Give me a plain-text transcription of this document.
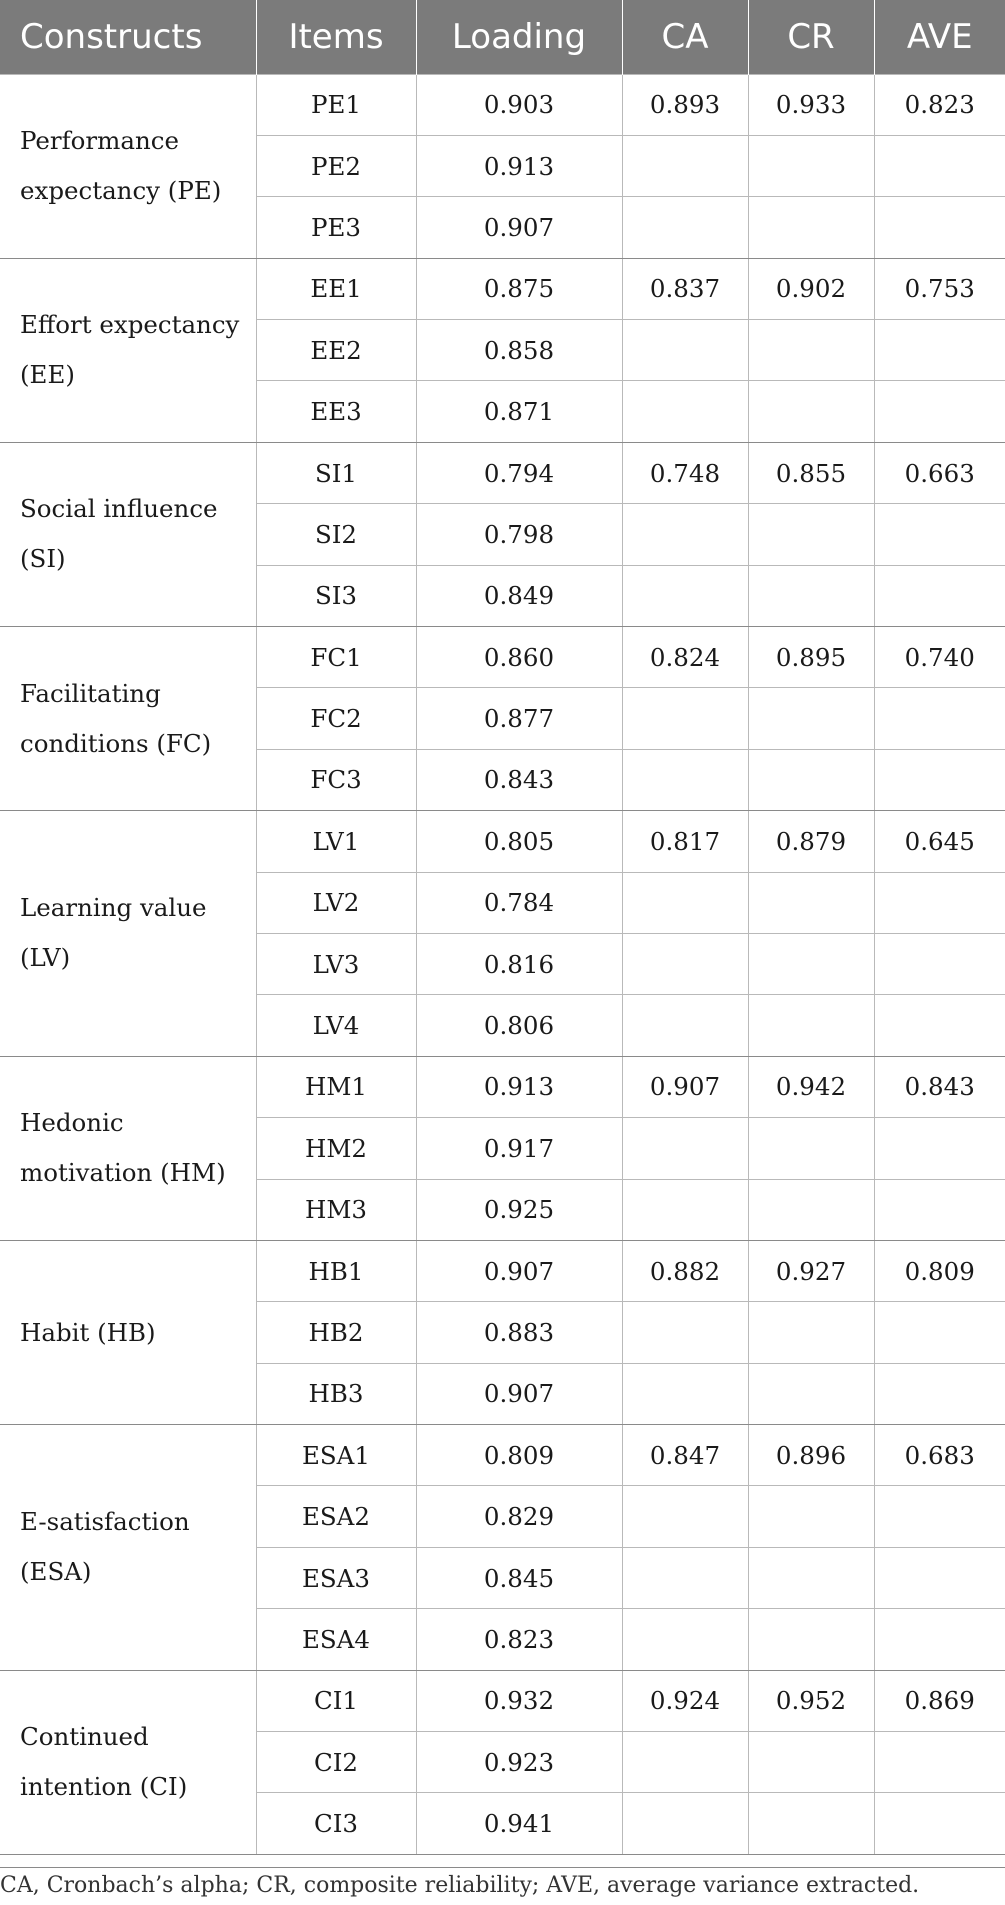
Constructs	Items	Loading	CA	CR	AVE
Performance expectancy (PE)	PE1	0.903	0.893	0.933	0.823
	PE2	0.913			
	PE3	0.907			
Effort expectancy (EE)	EE1	0.875	0.837	0.902	0.753
	EE2	0.858			
	EE3	0.871			
Social influence (SI)	SI1	0.794	0.748	0.855	0.663
	SI2	0.798			
	SI3	0.849			
Facilitating conditions (FC)	FC1	0.860	0.824	0.895	0.740
	FC2	0.877			
	FC3	0.843			
Learning value (LV)	LV1	0.805	0.817	0.879	0.645
	LV2	0.784			
	LV3	0.816			
	LV4	0.806			
Hedonic motivation (HM)	HM1	0.913	0.907	0.942	0.843
	HM2	0.917			
	HM3	0.925			
Habit (HB)	HB1	0.907	0.882	0.927	0.809
	HB2	0.883			
	HB3	0.907			
E-satisfaction (ESA)	ESA1	0.809	0.847	0.896	0.683
	ESA2	0.829			
	ESA3	0.845			
	ESA4	0.823			
Continued intention (CI)	CI1	0.932	0.924	0.952	0.869
	CI2	0.923			
	CI3	0.941			
CA, Cronbach’s alpha; CR, composite reliability; AVE, average variance extracted.
